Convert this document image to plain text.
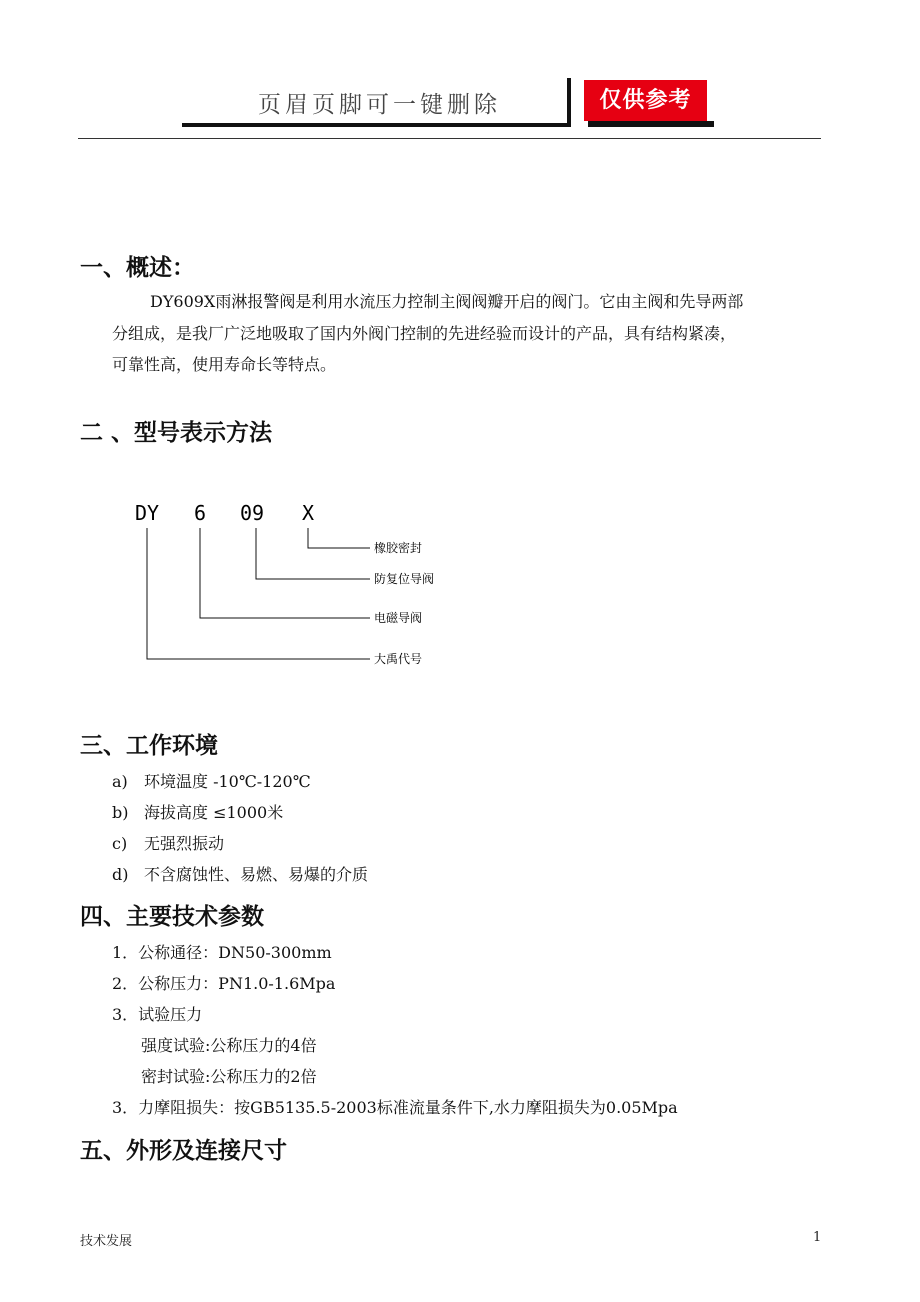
页眉页脚可一键删除	仅供参考
一、概述：
DY609X雨淋报警阀是利用水流压力控制主阀阀瓣开启的阀门。它由主阀和先导两部
分组成，是我厂广泛地吸取了国内外阀门控制的先进经验而设计的产品，具有结构紧凑，
可靠性高，使用寿命长等特点。
二 、型号表示方法
DY 6 09 X
橡胶密封
防复位导阀
电磁导阀
大禹代号
三、工作环境
a) 环境温度 -10℃-120℃
b) 海拔高度 ≤1000米
c) 无强烈振动
d) 不含腐蚀性、易燃、易爆的介质
四、主要技术参数
1．公称通径：DN50-300mm
2．公称压力：PN1.0-1.6Mpa
3．试验压力
强度试验:公称压力的4倍
密封试验:公称压力的2倍
3．力摩阻损失：按GB5135.5-2003标准流量条件下,水力摩阻损失为0.05Mpa
五、外形及连接尺寸
技术发展	1
